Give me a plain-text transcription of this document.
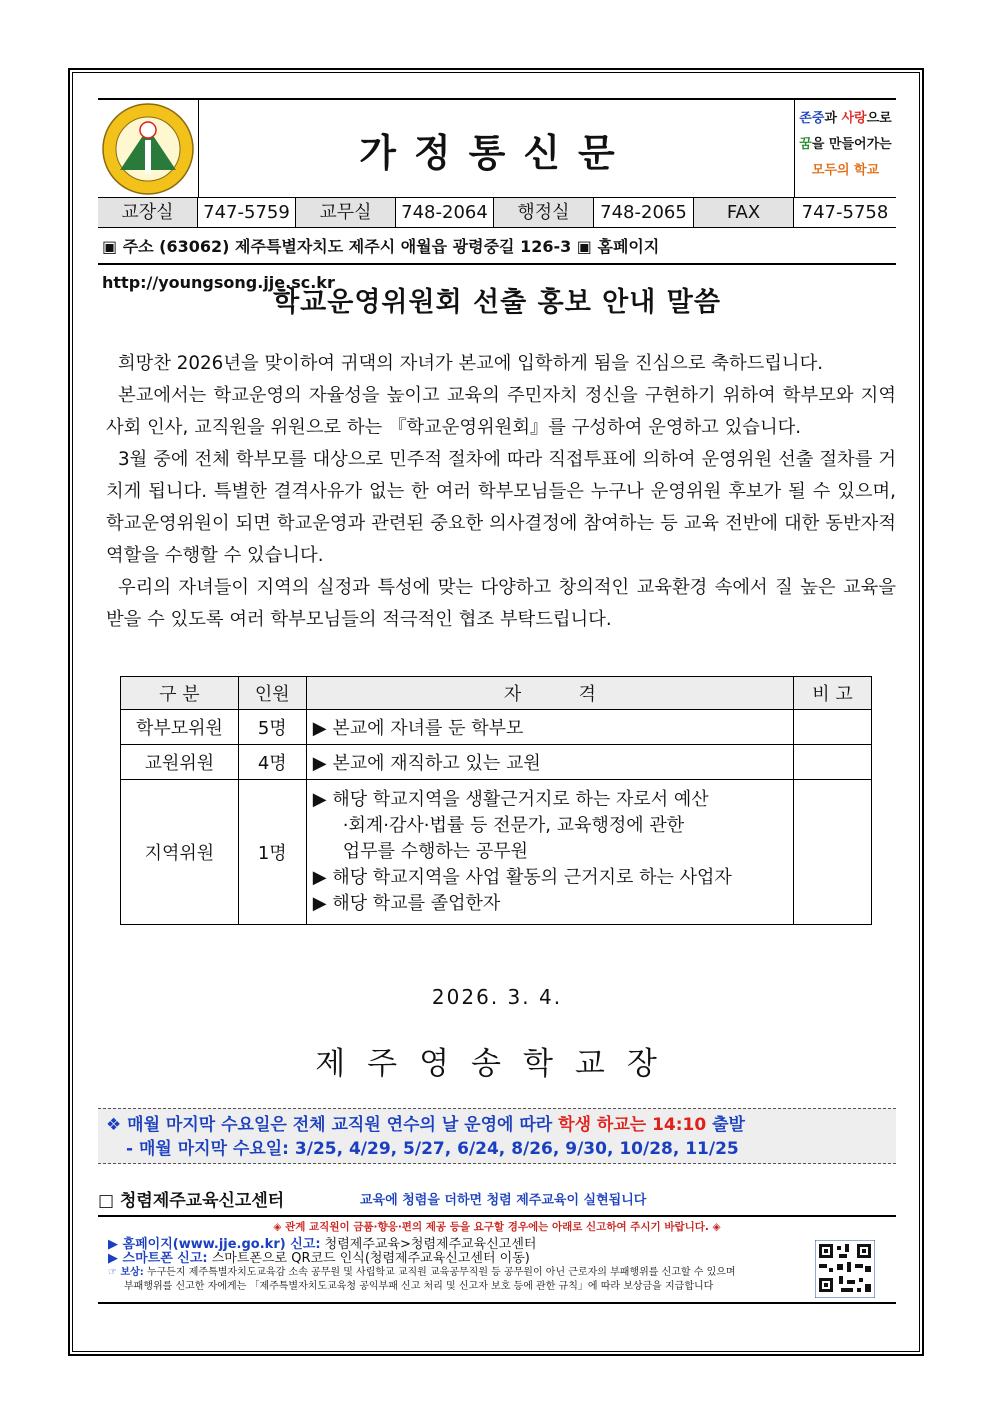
가정통신문
존중과 사랑으로
꿈을 만들어가는
모두의 학교
교장실	747-5759	교무실	748-2064	행정실	748-2065	FAX	747-5758
▣ 주소 (63062) 제주특별자치도 제주시 애월읍 광령중길 126-3 ▣ 홈페이지 http://youngsong.jje.sc.kr
학교운영위원회 선출 홍보 안내 말씀

희망찬 2026년을 맞이하여 귀댁의 자녀가 본교에 입학하게 됨을 진심으로 축하드립니다.

본교에서는 학교운영의 자율성을 높이고 교육의 주민자치 정신을 구현하기 위하여 학부모와 지역사회 인사, 교직원을 위원으로 하는 『학교운영위원회』를 구성하여 운영하고 있습니다.

3월 중에 전체 학부모를 대상으로 민주적 절차에 따라 직접투표에 의하여 운영위원 선출 절차를 거치게 됩니다. 특별한 결격사유가 없는 한 여러 학부모님들은 누구나 운영위원 후보가 될 수 있으며, 학교운영위원이 되면 학교운영과 관련된 중요한 의사결정에 참여하는 등 교육 전반에 대한 동반자적 역할을 수행할 수 있습니다.

우리의 자녀들이 지역의 실정과 특성에 맞는 다양하고 창의적인 교육환경 속에서 질 높은 교육을 받을 수 있도록 여러 학부모님들의 적극적인 협조 부탁드립니다.

구 분	인원	자          격	비 고
학부모위원	5명	▶ 본교에 자녀를 둔 학부모	
교원위원	4명	▶ 본교에 재직하고 있는 교원	
지역위원	1명	▶ 해당 학교지역을 생활근거지로 하는 자로서 예산
·회계·감사·법률 등 전문가, 교육행정에 관한
업무를 수행하는 공무원
▶ 해당 학교지역을 사업 활동의 근거지로 하는 사업자
▶ 해당 학교를 졸업한자	

2026. 3. 4.
제주영송학교장
❖ 매월 마지막 수요일은 전체 교직원 연수의 날 운영에 따라 학생 하교는 14:10 출발
- 매월 마지막 수요일: 3/25, 4/29, 5/27, 6/24, 8/26, 9/30, 10/28, 11/25
□ 청렴제주교육신고센터	교육에 청렴을 더하면 청렴 제주교육이 실현됩니다
◈ 관계 교직원이 금품·향응·편의 제공 등을 요구할 경우에는 아래로 신고하여 주시기 바랍니다. ◈
▶ 홈페이지(www.jje.go.kr) 신고: 청렴제주교육>청렴제주교육신고센터
▶ 스마트폰 신고: 스마트폰으로 QR코드 인식(청렴제주교육신고센터 이동)
☞ 보상: 누구든지 제주특별자치도교육감 소속 공무원 및 사립학교 교직원 교육공무직원 등 공무원이 아닌 근로자의 부패행위를 신고할 수 있으며
부패행위를 신고한 자에게는 「제주특별자치도교육청 공익부패 신고 처리 및 신고자 보호 등에 관한 규칙」에 따라 보상금을 지급합니다
